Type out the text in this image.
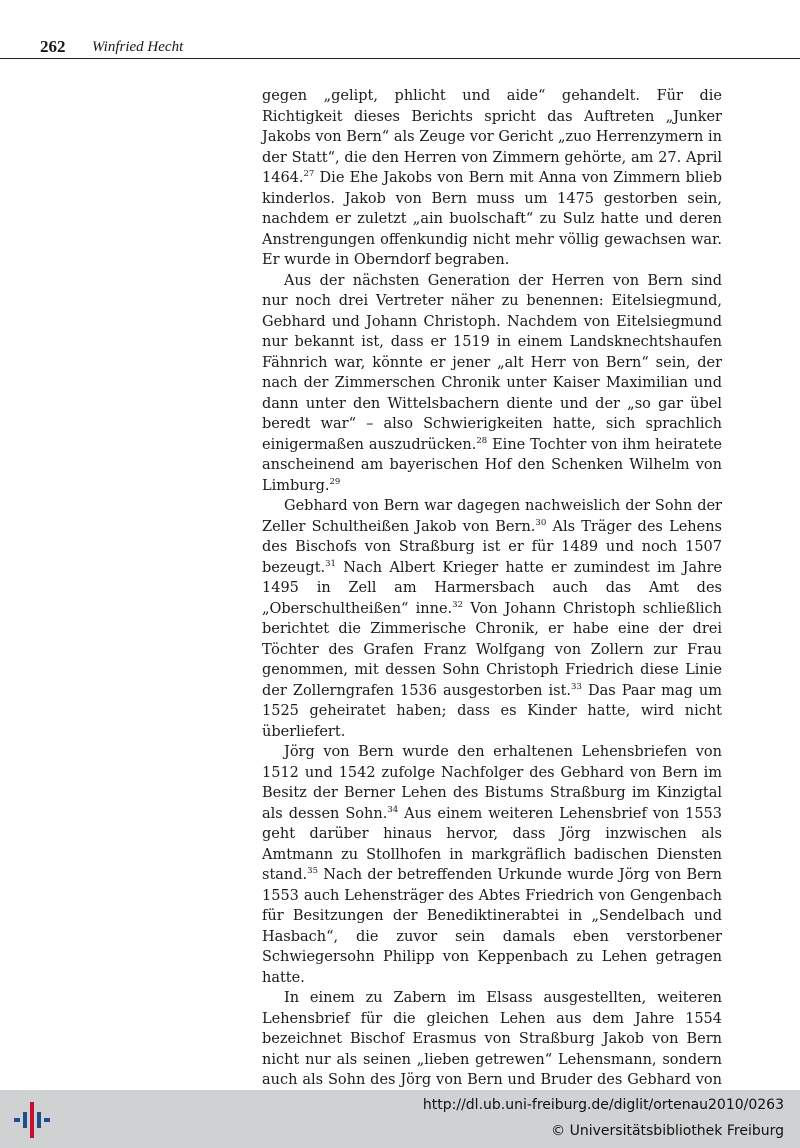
262 Winfried Hecht

gegen „gelipt, phlicht und aide“ gehandelt. Für die Richtigkeit dieses Berichts spricht das Auftreten „Junker Jakobs von Bern“ als Zeuge vor Gericht „zuo Herrenzymern in der Statt“, die den Herren von Zimmern gehörte, am 27. April 1464.27 Die Ehe Jakobs von Bern mit Anna von Zimmern blieb kinderlos. Jakob von Bern muss um 1475 gestorben sein, nachdem er zuletzt „ain buolschaft“ zu Sulz hatte und deren Anstrengungen offenkundig nicht mehr völlig gewachsen war. Er wurde in Oberndorf begraben.

Aus der nächsten Generation der Herren von Bern sind nur noch drei Vertreter näher zu benennen: Eitelsiegmund, Gebhard und Johann Christoph. Nachdem von Eitelsiegmund nur bekannt ist, dass er 1519 in einem Landsknechtshaufen Fähnrich war, könnte er jener „alt Herr von Bern“ sein, der nach der Zimmerschen Chronik unter Kaiser Maximilian und dann unter den Wittelsbachern diente und der „so gar übel beredt war“ – also Schwierigkeiten hatte, sich sprachlich einigermaßen auszudrücken.$^{28}$ Eine Tochter von ihm heiratete anscheinend am bayerischen Hof den Schenken Wilhelm von Limburg.$^{29}$

Gebhard von Bern war dagegen nachweislich der Sohn der Zeller Schultheißen Jakob von Bern.$^{30}$ Als Träger des Lehens des Bischofs von Straßburg ist er für 1489 und noch 1507 bezeugt.$^{31}$ Nach Albert Krieger hatte er zumindest im Jahre 1495 in Zell am Harmersbach auch das Amt des „Oberschultheißen“ inne.$^{32}$ Von Johann Christoph schließlich berichtet die Zimmerische Chronik, er habe eine der drei Töchter des Grafen Franz Wolfgang von Zollern zur Frau genommen, mit dessen Sohn Christoph Friedrich diese Linie der Zollerngrafen 1536 ausgestorben ist.$^{33}$ Das Paar mag um 1525 geheiratet haben; dass es Kinder hatte, wird nicht überliefert.

Jörg von Bern wurde den erhaltenen Lehensbriefen von 1512 und 1542 zufolge Nachfolger des Gebhard von Bern im Besitz der Berner Lehen des Bistums Straßburg im Kinzigtal als dessen Sohn.$^{34}$ Aus einem weiteren Lehensbrief von 1553 geht darüber hinaus hervor, dass Jörg inzwischen als Amtmann zu Stollhofen in markgräflich badischen Diensten stand.$^{35}$ Nach der betreffenden Urkunde wurde Jörg von Bern 1553 auch Lehensträger des Abtes Friedrich von Gengenbach für Besitzungen der Benediktinerabtei in „Sendelbach und Hasbach“, die zuvor sein damals eben verstorbener Schwiegersohn Philipp von Keppenbach zu Lehen getragen hatte.

In einem zu Zabern im Elsass ausgestellten, weiteren Lehensbrief für die gleichen Lehen aus dem Jahre 1554 bezeichnet Bischof Erasmus von Straßburg Jakob von Bern nicht nur als seinen „lieben getrewen“ Lehensmann, sondern auch als Sohn des Jörg von Bern und Bruder des Gebhard von

http://dl.ub.uni-freiburg.de/diglit/ortenau2010/0263
© Universitätsbibliothek Freiburg
